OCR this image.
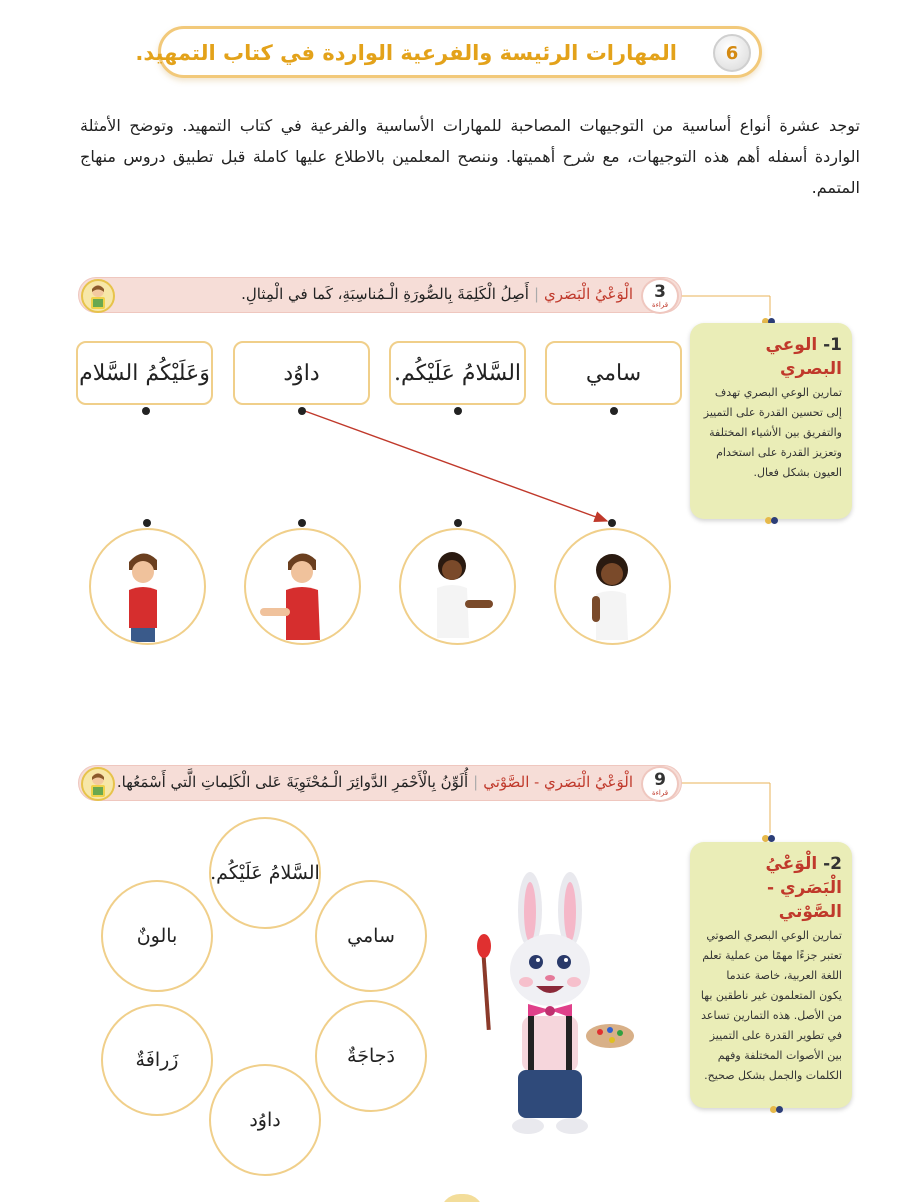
6
المهارات الرئيسة والفرعية الواردة في كتاب التمهيد.

توجد عشرة أنواع أساسية من التوجيهات المصاحبة للمهارات الأساسية والفرعية في كتاب التمهيد. وتوضح الأمثلة الواردة أسفله أهم هذه التوجيهات، مع شرح أهميتها. وننصح المعلمين بالاطلاع عليها كاملة قبل تطبيق دروس منهاج المتمم.

3
قراءة
الْوَعْيُ الْبَصَري|أَصِلُ الْكَلِمَةَ بِالصُّورَةِ الْـمُناسِبَةِ، كَما في الْمِثالِ.
1- الوعي البصري
تمارين الوعي البصري تهدف إلى تحسين القدرة على التمييز والتفريق بين الأشياء المختلفة وتعزيز القدرة على استخدام العيون بشكل فعال.
سامي
السَّلامُ عَلَيْكُم.
داوُد
وَعَلَيْكُمُ السَّلام
9
قراءة
الْوَعْيُ الْبَصَري - الصَّوْتي|أُلَوِّنُ بِالْأَحْمَرِ الدَّوائِرَ الْـمُحْتَوِيَةَ عَلى الْكَلِماتِ الَّتي أَسْمَعُها.
2- الْوَعْيُ الْبَصَري - الصَّوْتي
تمارين الوعي البصري الصوتي تعتبر جزءًا مهمًا من عملية تعلم اللغة العربية، خاصة عندما يكون المتعلمون غير ناطقين بها من الأصل. هذه التمارين تساعد في تطوير القدرة على التمييز بين الأصوات المختلفة وفهم الكلمات والجمل بشكل صحيح.
السَّلامُ عَلَيْكُم.
سامي
بالونٌ
دَجاجَةٌ
زَرافَةٌ
داوُد
